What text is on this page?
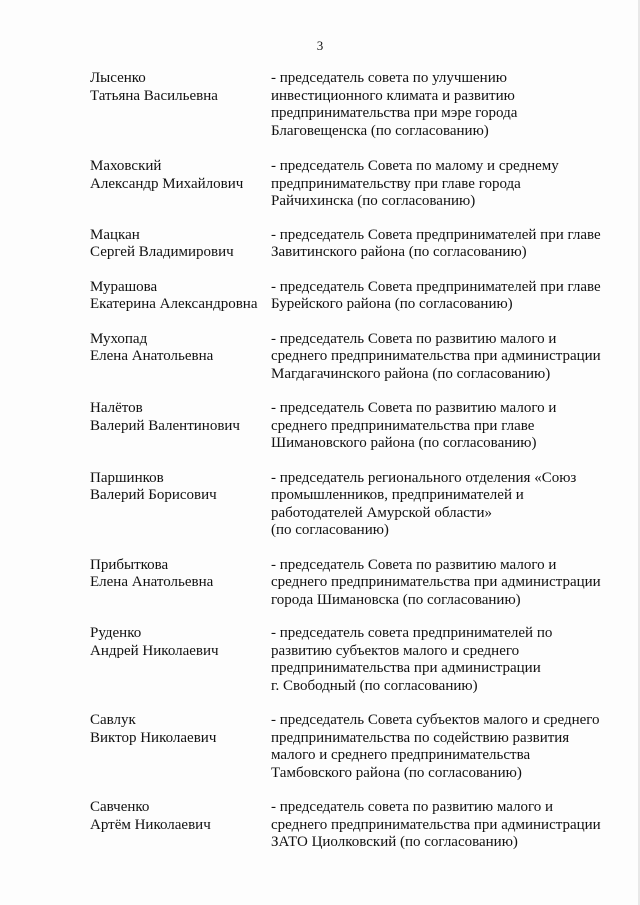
3
Лысенко
Татьяна Васильевна
- председатель совета по улучшению
инвестиционного климата и развитию
предпринимательства при мэре города
Благовещенска (по согласованию)
Маховский
Александр Михайлович
- председатель Совета по малому и среднему
предпринимательству при главе города
Райчихинска (по согласованию)
Мацкан
Сергей Владимирович
- председатель Совета предпринимателей при главе
Завитинского района (по согласованию)
Мурашова
Екатерина Александровна
- председатель Совета предпринимателей при главе
Бурейского района (по согласованию)
Мухопад
Елена Анатольевна
- председатель Совета по развитию малого и
среднего предпринимательства при администрации
Магдагачинского района (по согласованию)
Налётов
Валерий Валентинович
- председатель Совета по развитию малого и
среднего предпринимательства при главе
Шимановского района (по согласованию)
Паршинков
Валерий Борисович
- председатель регионального отделения «Союз
промышленников, предпринимателей и
работодателей Амурской области»
(по согласованию)
Прибыткова
Елена Анатольевна
- председатель Совета по развитию малого и
среднего предпринимательства при администрации
города Шимановска (по согласованию)
Руденко
Андрей Николаевич
- председатель совета предпринимателей по
развитию субъектов малого и среднего
предпринимательства при администрации
г. Свободный (по согласованию)
Савлук
Виктор Николаевич
- председатель Совета субъектов малого и среднего
предпринимательства по содействию развития
малого и среднего предпринимательства
Тамбовского района (по согласованию)
Савченко
Артём Николаевич
- председатель совета по развитию малого и
среднего предпринимательства при администрации
ЗАТО Циолковский (по согласованию)
